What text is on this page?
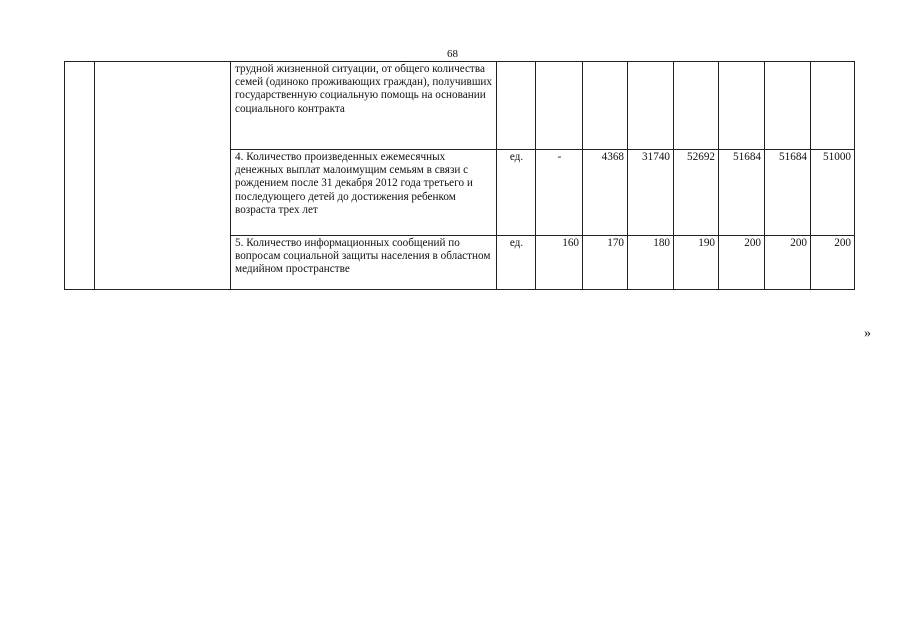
68
		трудной жизненной ситуации, от общего количества семей (одиноко проживающих граждан), получивших государственную социальную помощь на основании социального контракта								
		4. Количество произведенных ежемесячных денежных выплат малоимущим семьям в связи с рождением после 31 декабря 2012 года третьего и последующего детей до достижения ребенком возраста трех лет	ед.	-	4368	31740	52692	51684	51684	51000
		5. Количество информационных сообщений по вопросам социальной защиты населения в областном медийном пространстве	ед.	160	170	180	190	200	200	200
»
